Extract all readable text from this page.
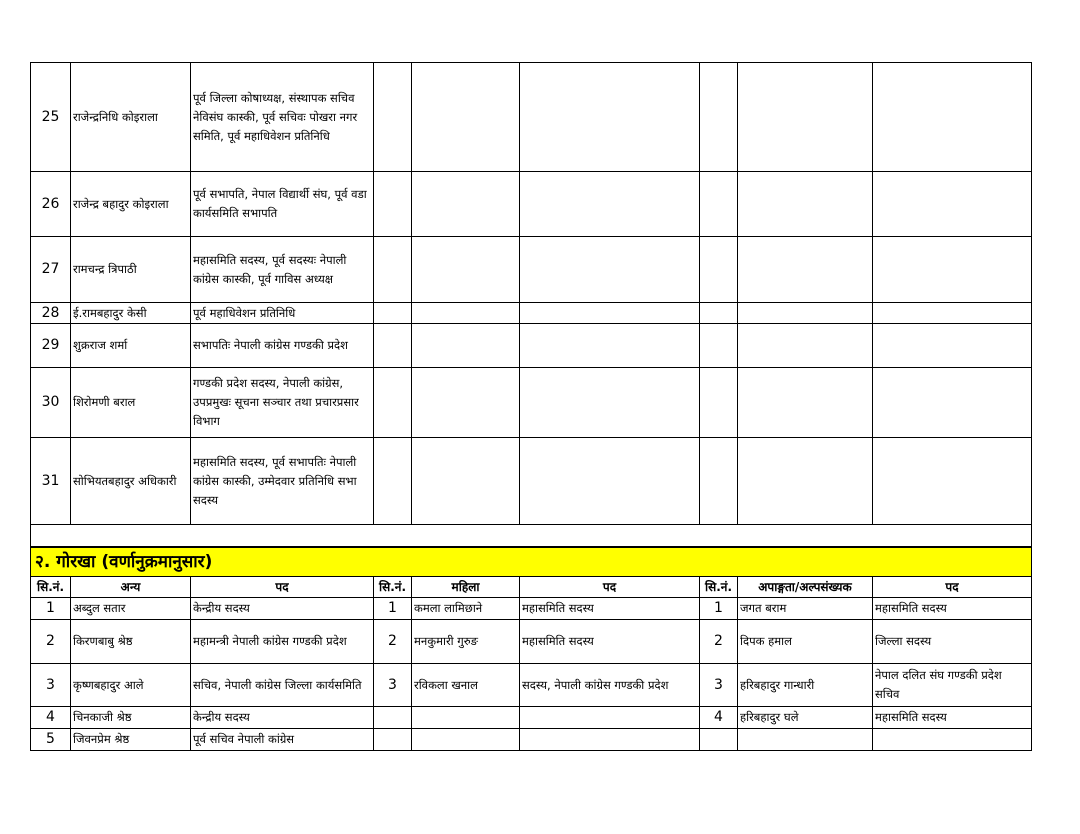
25	राजेन्द्रनिधि कोइराला	पूर्व जिल्ला कोषाध्यक्ष, संस्थापक सचिव नेविसंघ कास्की, पूर्व सचिवः पोखरा नगर समिति, पूर्व महाधिवेशन प्रतिनिधि						
26	राजेन्द्र बहादुर कोइराला	पूर्व सभापति, नेपाल विद्यार्थी संघ, पूर्व वडा कार्यसमिति सभापति						
27	रामचन्द्र त्रिपाठी	महासमिति सदस्य, पूर्व सदस्यः नेपाली कांग्रेस कास्की, पूर्व गाविस अध्यक्ष						
28	ई.रामबहादुर केसी	पूर्व महाधिवेशन प्रतिनिधि						
29	शुक्रराज शर्मा	सभापतिः नेपाली कांग्रेस गण्डकी प्रदेश						
30	शिरोमणी बराल	गण्डकी प्रदेश सदस्य, नेपाली कांग्रेस, उपप्रमुखः सूचना सञ्चार तथा प्रचारप्रसार विभाग						
31	सोभियतबहादुर अधिकारी	महासमिति सदस्य, पूर्व सभापतिः नेपाली कांग्रेस कास्की, उम्मेदवार प्रतिनिधि सभा सदस्य						

२. गोरखा (वर्णानुक्रमानुसार)								
सि.नं.	अन्य	पद	सि.नं.	महिला	पद	सि.नं.	अपाङ्गता/अल्पसंख्यक	पद
1	अब्दुल सतार	केन्द्रीय सदस्य	1	कमला लामिछाने	महासमिति सदस्य	1	जगत बराम	महासमिति सदस्य
2	किरणबाबु श्रेष्ठ	महामन्त्री नेपाली कांग्रेस गण्डकी प्रदेश	2	मनकुमारी गुरुङ	महासमिति सदस्य	2	दिपक हमाल	जिल्ला सदस्य
3	कृष्णबहादुर आले	सचिव, नेपाली कांग्रेस जिल्ला कार्यसमिति	3	रविकला खनाल	सदस्य, नेपाली कांग्रेस गण्डकी प्रदेश	3	हरिबहादुर गान्धारी	नेपाल दलित संघ गण्डकी प्रदेश सचिव
4	चिनकाजी श्रेष्ठ	केन्द्रीय सदस्य				4	हरिबहादुर घले	महासमिति सदस्य
5	जिवनप्रेम श्रेष्ठ	पूर्व सचिव नेपाली कांग्रेस						
